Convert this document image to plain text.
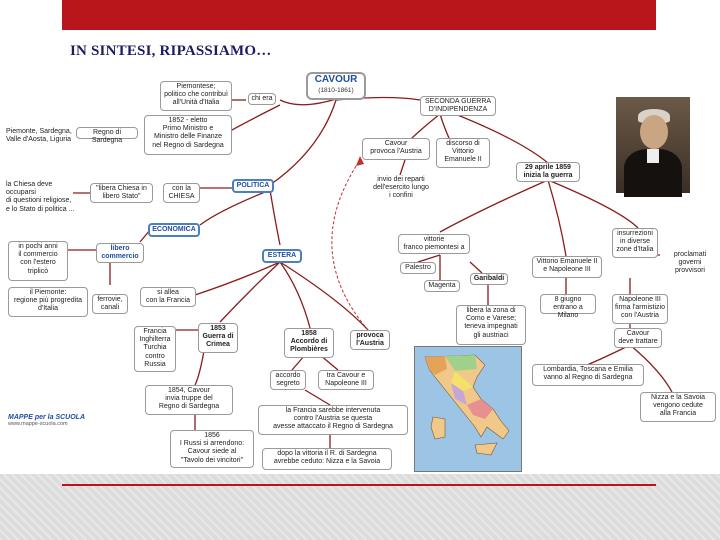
IN SINTESI, RIPASSIAMO…
CAVOUR
(1810-1861)
Piemontese;
politico che contribuì
all'Unità d'Italia
chi era
Regno di Sardegna
Piemonte, Sardegna,
Valle d'Aosta, Liguria
1852 - eletto
Primo Ministro e
Ministro delle Finanze
nel Regno di Sardegna
la Chiesa deve occuparsi
di questioni religiose,
e lo Stato di politica ...
"libera Chiesa in
libero Stato"
con la
CHIESA
POLITICA
ECONOMICA
ESTERA
in pochi anni
il commercio
con l'estero
triplicò
libero
commercio
il Piemonte:
regione più progredita
d'Italia
ferrovie,
canali
si allea
con la Francia
Francia
Inghilterra
Turchia
contro
Russia
1853
Guerra di
Crimea
1854, Cavour
invia truppe del
Regno di Sardegna
1856
I Russi si arrendono:
Cavour siede al
"Tavolo dei vincitori"
1858
Accordo di
Plombières
provoca
l'Austria
accordo
segreto
tra Cavour e
Napoleone III
la Francia sarebbe intervenuta
contro l'Austria se questa
avesse attaccato il Regno di Sardegna
dopo la vittoria il R. di Sardegna
avrebbe ceduto: Nizza e la Savoia
SECONDA GUERRA
D'INDIPENDENZA
Cavour
provoca l'Austria
discorso di
Vittorio
Emanuele II
invio dei reparti
dell'esercito lungo
i confini
29 aprile 1859
inizia la guerra
vittorie
franco piemontesi a
Palestro
Magenta
Garibaldi
libera la zona di
Como e Varese;
teneva impegnati
gli austriaci
Vittorio Emanuele II
e Napoleone III
8 giugno
entrano a Milano
insurrezioni
in diverse
zone d'Italia
proclamati
governi
provvisori
Napoleone III
firma l'armistizio
con l'Austria
Cavour
deve trattare
Lombardia, Toscana e Emilia
vanno al Regno di Sardegna
Nizza e la Savoia
vengono cedute
alla Francia
MAPPE per la SCUOLA
www.mappe-scuola.com
